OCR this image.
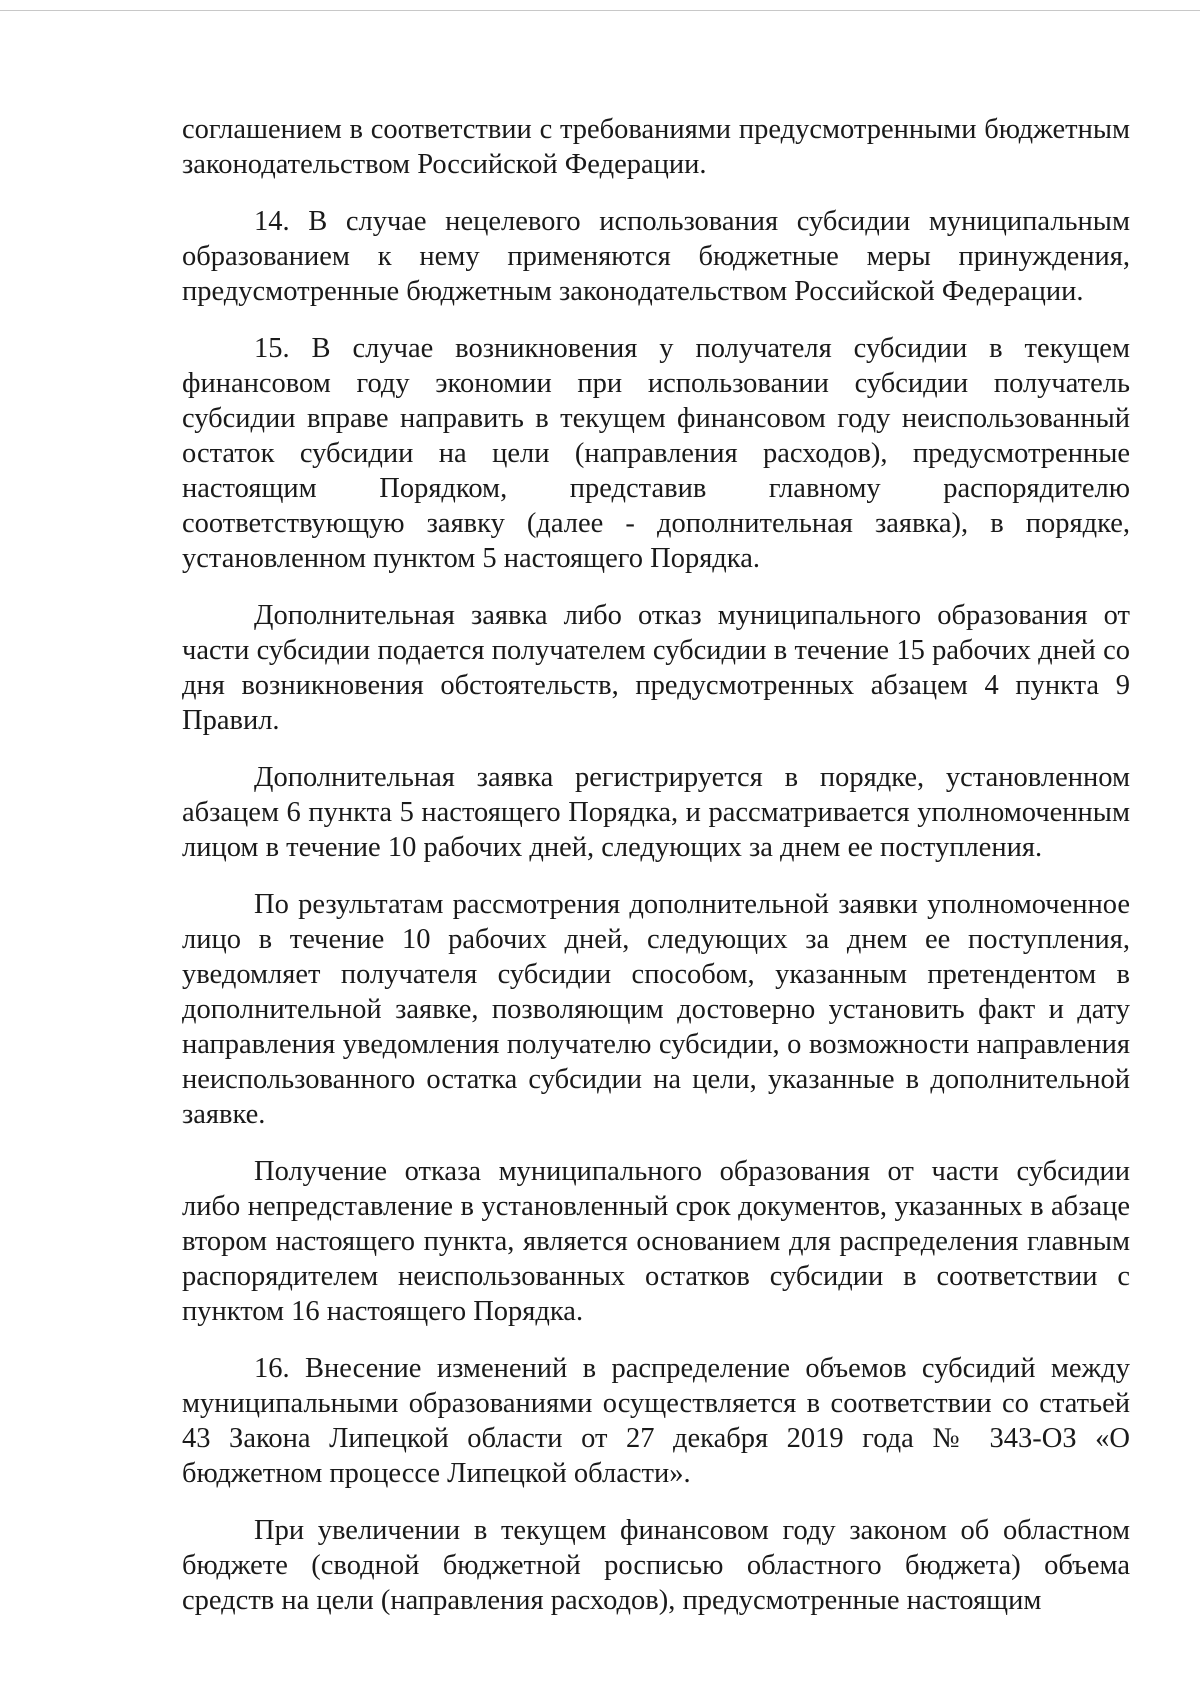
соглашением в соответствии с требованиями предусмотренными бюджетным законодательством Российской Федерации.

14. В случае нецелевого использования субсидии муниципальным образованием к нему применяются бюджетные меры принуждения, предусмотренные бюджетным законодательством Российской Федерации.

15. В случае возникновения у получателя субсидии в текущем финансовом году экономии при использовании субсидии получатель субсидии вправе направить в текущем финансовом году неиспользованный остаток субсидии на цели (направления расходов), предусмотренные настоящим Порядком, представив главному распорядителю соответствующую заявку (далее - дополнительная заявка), в порядке, установленном пунктом 5 настоящего Порядка.

Дополнительная заявка либо отказ муниципального образования от части субсидии подается получателем субсидии в течение 15 рабочих дней со дня возникновения обстоятельств, предусмотренных абзацем 4 пункта 9 Правил.

Дополнительная заявка регистрируется в порядке, установленном абзацем 6 пункта 5 настоящего Порядка, и рассматривается уполномоченным лицом в течение 10 рабочих дней, следующих за днем ее поступления.

По результатам рассмотрения дополнительной заявки уполномоченное лицо в течение 10 рабочих дней, следующих за днем ее поступления, уведомляет получателя субсидии способом, указанным претендентом в дополнительной заявке, позволяющим достоверно установить факт и дату направления уведомления получателю субсидии, о возможности направления неиспользованного остатка субсидии на цели, указанные в дополнительной заявке.

Получение отказа муниципального образования от части субсидии либо непредставление в установленный срок документов, указанных в абзаце втором настоящего пункта, является основанием для распределения главным распорядителем неиспользованных остатков субсидии в соответствии с пунктом 16 настоящего Порядка.

16. Внесение изменений в распределение объемов субсидий между муниципальными образованиями осуществляется в соответствии со статьей 43 Закона Липецкой области от 27 декабря 2019 года № 343-ОЗ «О бюджетном процессе Липецкой области».

При увеличении в текущем финансовом году законом об областном бюджете (сводной бюджетной росписью областного бюджета) объема средств на цели (направления расходов), предусмотренные настоящим
